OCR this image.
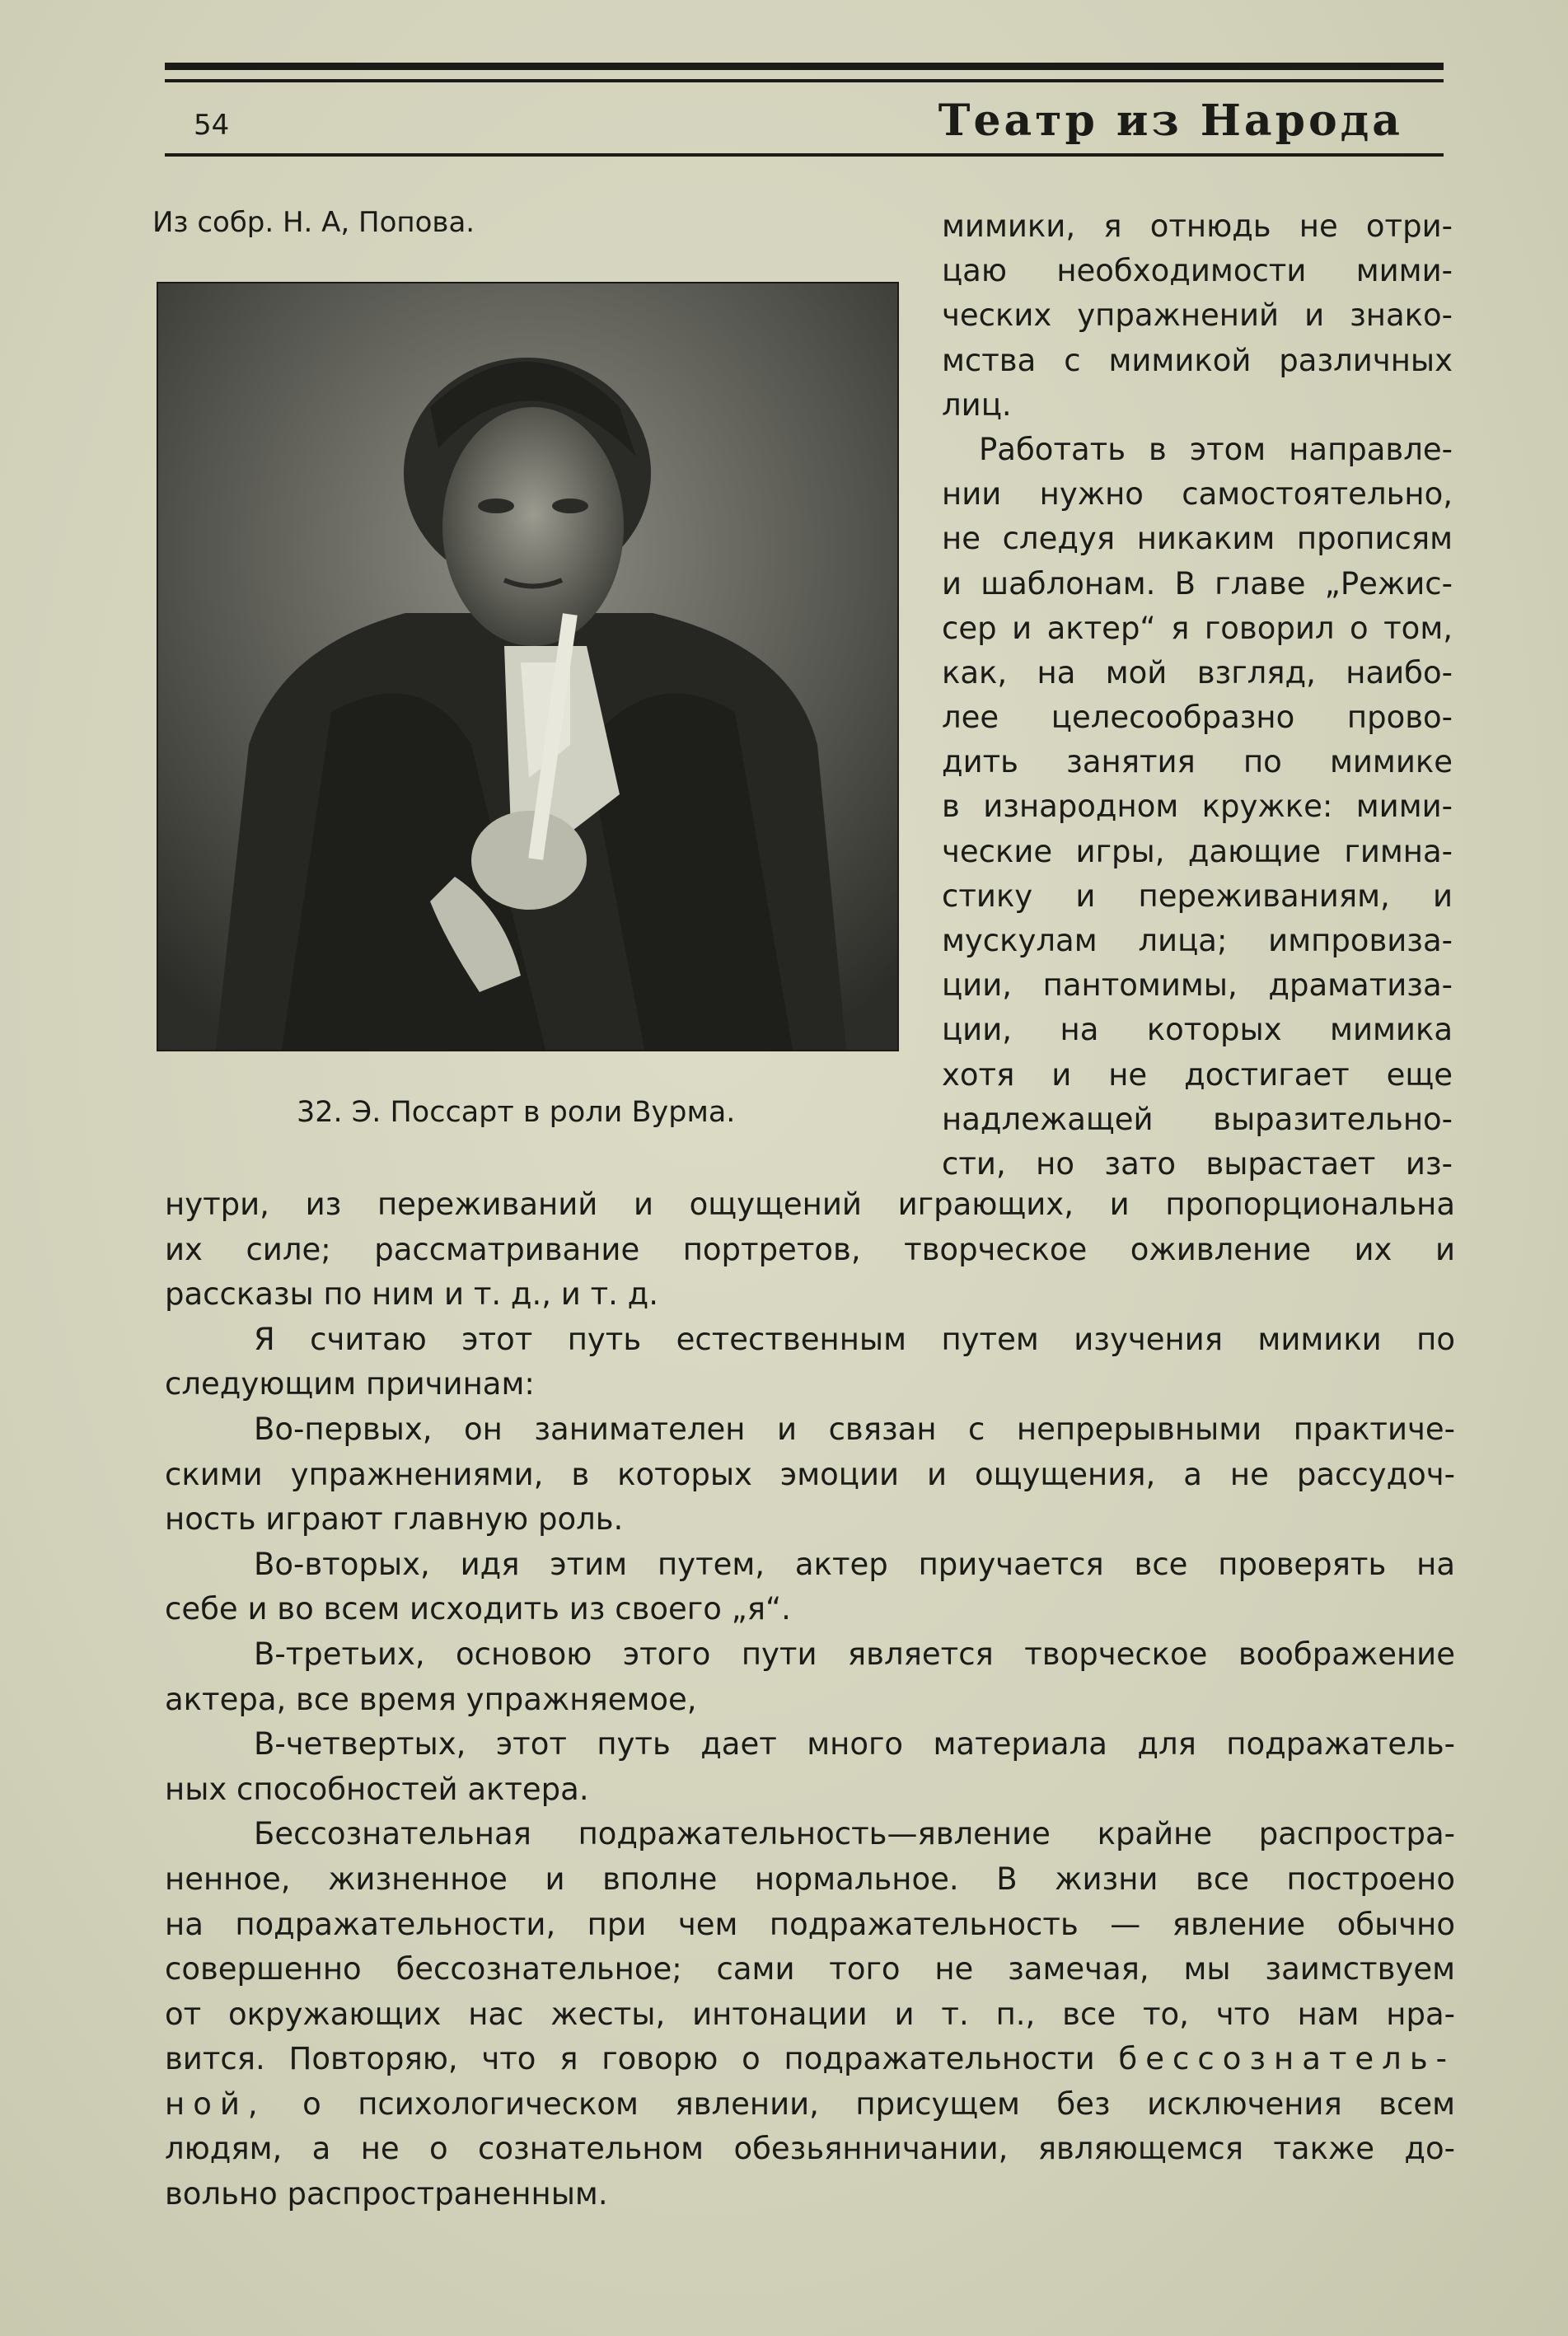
54	Театр из Народа
Из собр. Н. А, Попова.
32. Э. Поссарт в роли Вурма.
мимики, я отнюдь не отри-
цаю необходимости мими-
ческих упражнений и знако-
мства с мимикой различных
лиц.
Работать в этом направле-
нии нужно самостоятельно,
не следуя никаким прописям
и шаблонам. В главе „Режис-
сер и актер“ я говорил о том,
как, на мой взгляд, наибо-
лее целесообразно прово-
дить занятия по мимике
в изнародном кружке: мими-
ческие игры, дающие гимна-
стику и переживаниям, и
мускулам лица; импровиза-
ции, пантомимы, драматиза-
ции, на которых мимика
хотя и не достигает еще
надлежащей выразительно-
сти, но зато вырастает из-
нутри, из переживаний и ощущений играющих, и пропорциональна
их силе; рассматривание портретов, творческое оживление их и
рассказы по ним и т. д., и т. д.
Я считаю этот путь естественным путем изучения мимики по
следующим причинам:
Во-первых, он занимателен и связан с непрерывными практиче-
скими упражнениями, в которых эмоции и ощущения, а не рассудоч-
ность играют главную роль.
Во-вторых, идя этим путем, актер приучается все проверять на
себе и во всем исходить из своего „я“.
В-третьих, основою этого пути является творческое воображение
актера, все время упражняемое,
В-четвертых, этот путь дает много материала для подражатель-
ных способностей актера.
Бессознательная подражательность—явление крайне распростра-
ненное, жизненное и вполне нормальное. В жизни все построено
на подражательности, при чем подражательность — явление обычно
совершенно бессознательное; сами того не замечая, мы заимствуем
от окружающих нас жесты, интонации и т. п., все то, что нам нра-
вится. Повторяю, что я говорю о подражательности бессознатель-
ной, о психологическом явлении, присущем без исключения всем
людям, а не о сознательном обезьянничании, являющемся также до-
вольно распространенным.
